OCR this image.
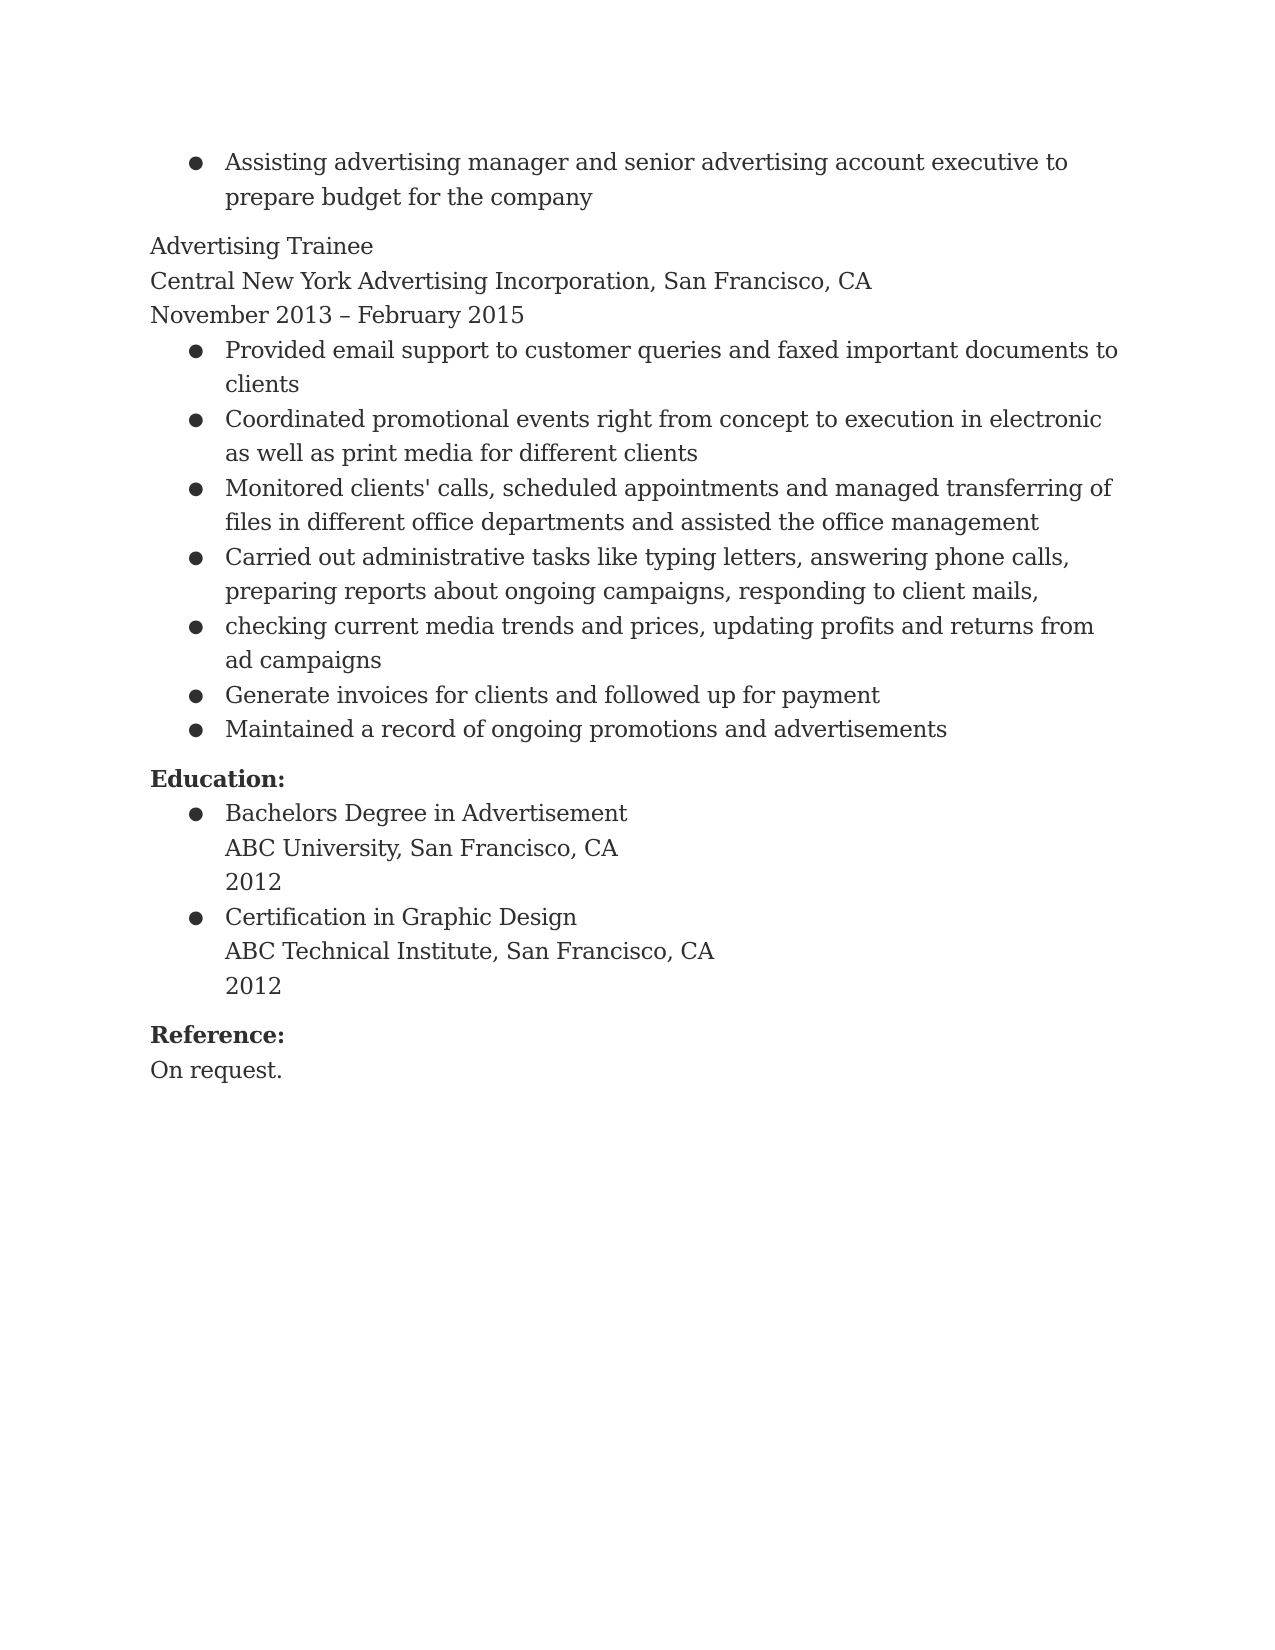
● Assisting advertising manager and senior advertising account executive to prepare budget for the company
Advertising Trainee
Central New York Advertising Incorporation, San Francisco, CA
November 2013 – February 2015
● Provided email support to customer queries and faxed important documents to clients
● Coordinated promotional events right from concept to execution in electronic as well as print media for different clients
● Monitored clients' calls, scheduled appointments and managed transferring of files in different office departments and assisted the office management
● Carried out administrative tasks like typing letters, answering phone calls, preparing reports about ongoing campaigns, responding to client mails,
● checking current media trends and prices, updating profits and returns from ad campaigns
● Generate invoices for clients and followed up for payment
● Maintained a record of ongoing promotions and advertisements
Education:
● Bachelors Degree in Advertisement
ABC University, San Francisco, CA
2012
● Certification in Graphic Design
ABC Technical Institute, San Francisco, CA
2012
Reference:
On request.
